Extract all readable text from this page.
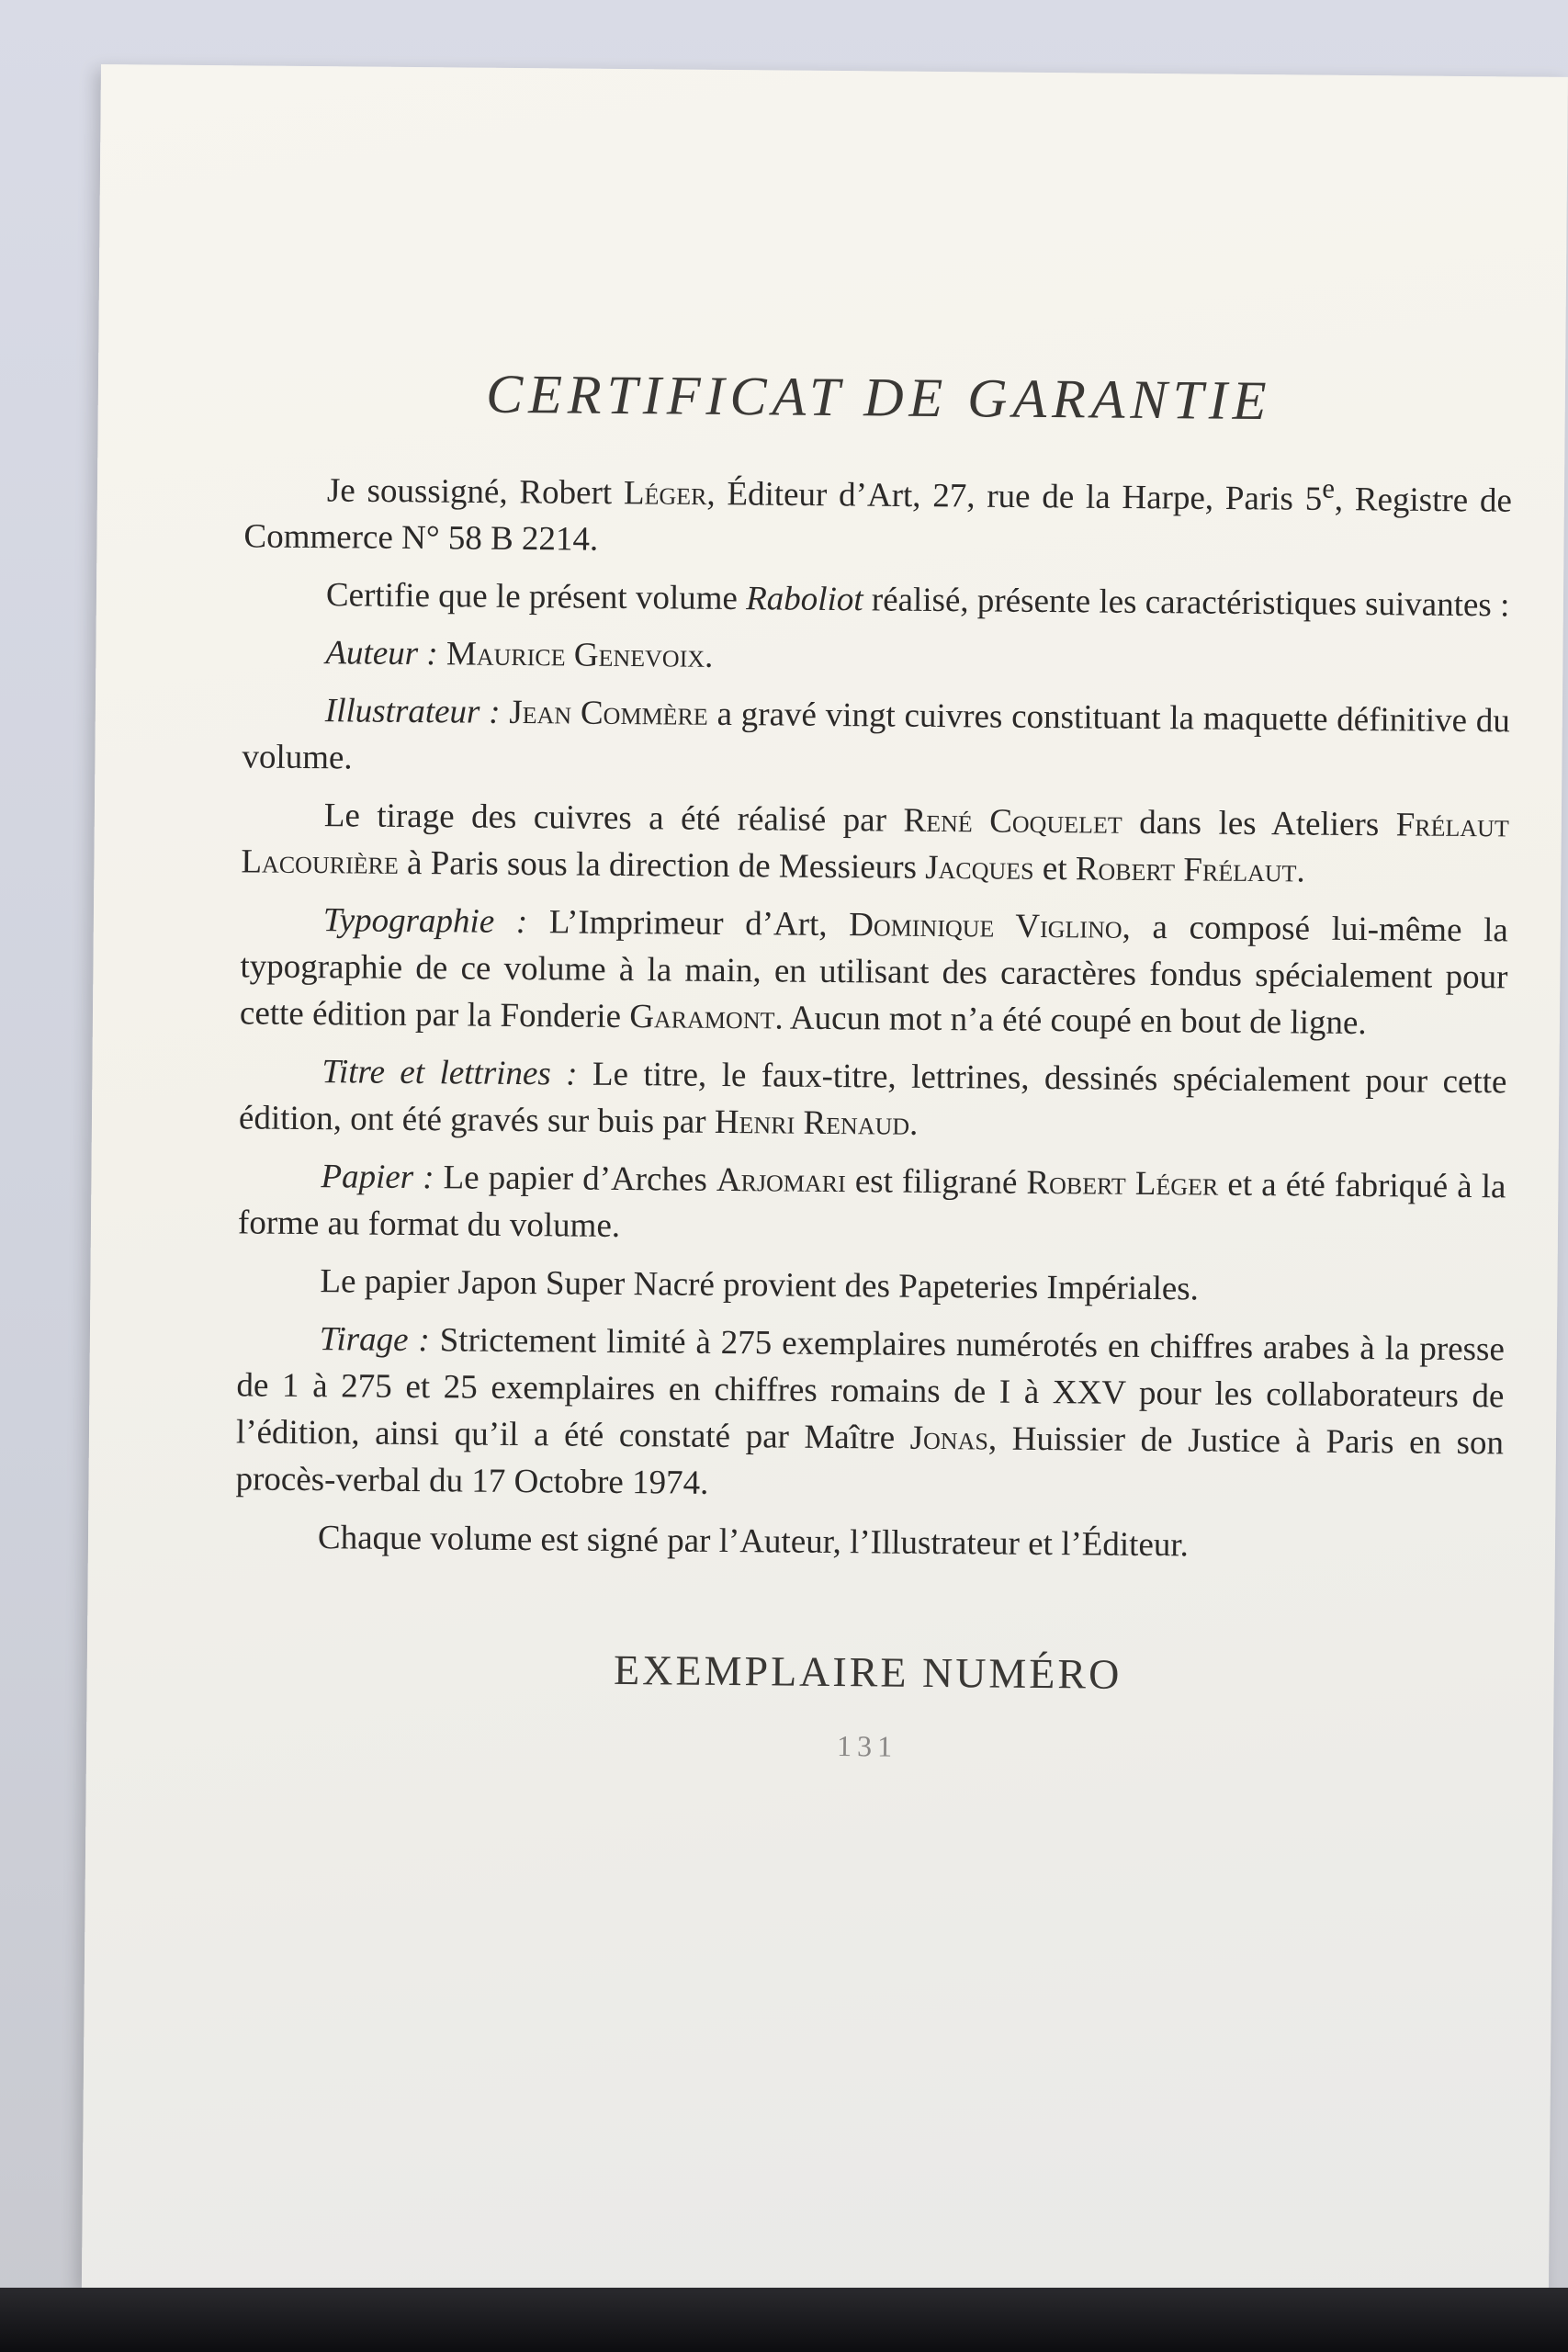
CERTIFICAT DE GARANTIE

Je soussigné, Robert Léger, Éditeur d’Art, 27, rue de la Harpe, Paris 5e, Registre de Commerce N° 58 B 2214.

Certifie que le présent volume Raboliot réalisé, présente les caractéristiques suivantes :

Auteur : Maurice Genevoix.

Illustrateur : Jean Commère a gravé vingt cuivres constituant la maquette définitive du volume.

Le tirage des cuivres a été réalisé par René Coquelet dans les Ateliers Frélaut Lacourière à Paris sous la direction de Messieurs Jacques et Robert Frélaut.

Typographie : L’Imprimeur d’Art, Dominique Viglino, a composé lui-même la typographie de ce volume à la main, en utilisant des caractères fondus spécialement pour cette édition par la Fonderie Garamont. Aucun mot n’a été coupé en bout de ligne.

Titre et lettrines : Le titre, le faux-titre, lettrines, dessinés spécialement pour cette édition, ont été gravés sur buis par Henri Renaud.

Papier : Le papier d’Arches Arjomari est filigrané Robert Léger et a été fabriqué à la forme au format du volume.

Le papier Japon Super Nacré provient des Papeteries Impériales.

Tirage : Strictement limité à 275 exemplaires numérotés en chiffres arabes à la presse de 1 à 275 et 25 exemplaires en chiffres romains de I à XXV pour les collaborateurs de l’édition, ainsi qu’il a été constaté par Maître Jonas, Huissier de Justice à Paris en son procès-verbal du 17 Octobre 1974.

Chaque volume est signé par l’Auteur, l’Illustrateur et l’Éditeur.

EXEMPLAIRE NUMÉRO
131
